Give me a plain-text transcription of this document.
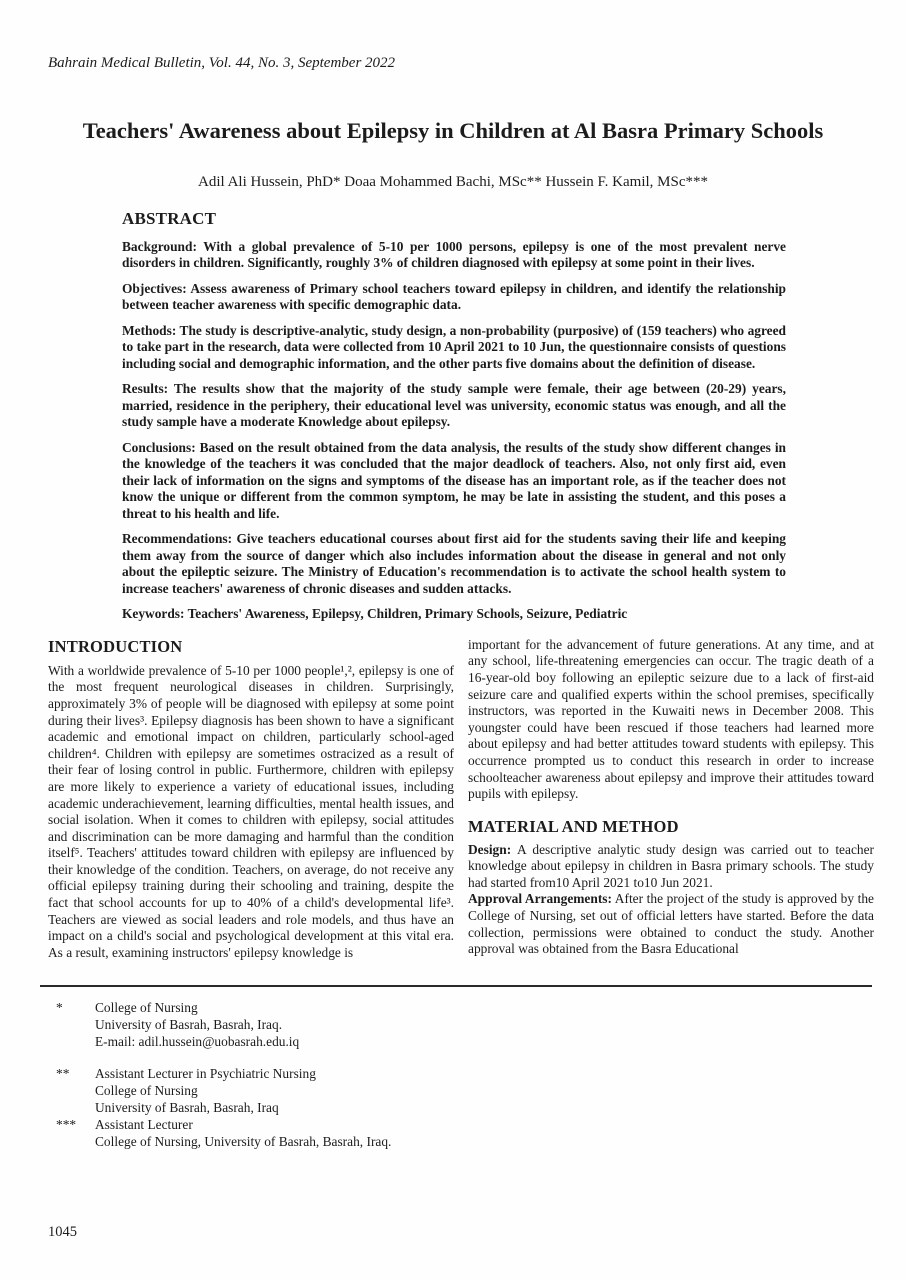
Bahrain Medical Bulletin, Vol. 44, No. 3, September 2022
Teachers' Awareness about Epilepsy in Children at Al Basra Primary Schools
Adil Ali Hussein, PhD* Doaa Mohammed Bachi, MSc** Hussein F. Kamil, MSc***
ABSTRACT

Background: With a global prevalence of 5-10 per 1000 persons, epilepsy is one of the most prevalent nerve disorders in children. Significantly, roughly 3% of children diagnosed with epilepsy at some point in their lives.

Objectives: Assess awareness of Primary school teachers toward epilepsy in children, and identify the relationship between teacher awareness with specific demographic data.

Methods: The study is descriptive-analytic, study design, a non-probability (purposive) of (159 teachers) who agreed to take part in the research, data were collected from 10 April 2021 to 10 Jun, the questionnaire consists of questions including social and demographic information, and the other parts five domains about the definition of disease.

Results: The results show that the majority of the study sample were female, their age between (20-29) years, married, residence in the periphery, their educational level was university, economic status was enough, and all the study sample have a moderate Knowledge about epilepsy.

Conclusions: Based on the result obtained from the data analysis, the results of the study show different changes in the knowledge of the teachers it was concluded that the major deadlock of teachers. Also, not only first aid, even their lack of information on the signs and symptoms of the disease has an important role, as if the teacher does not know the unique or different from the common symptom, he may be late in assisting the student, and this poses a threat to his health and life.

Recommendations: Give teachers educational courses about first aid for the students saving their life and keeping them away from the source of danger which also includes information about the disease in general and not only about the epileptic seizure. The Ministry of Education's recommendation is to activate the school health system to increase teachers' awareness of chronic diseases and sudden attacks.

Keywords: Teachers' Awareness, Epilepsy, Children, Primary Schools, Seizure, Pediatric

INTRODUCTION

With a worldwide prevalence of 5-10 per 1000 people¹,², epilepsy is one of the most frequent neurological diseases in children. Surprisingly, approximately 3% of people will be diagnosed with epilepsy at some point during their lives³. Epilepsy diagnosis has been shown to have a significant academic and emotional impact on children, particularly school-aged children⁴. Children with epilepsy are sometimes ostracized as a result of their fear of losing control in public. Furthermore, children with epilepsy are more likely to experience a variety of educational issues, including academic underachievement, learning difficulties, mental health issues, and social isolation. When it comes to children with epilepsy, social attitudes and discrimination can be more damaging and harmful than the condition itself⁵. Teachers' attitudes toward children with epilepsy are influenced by their knowledge of the condition. Teachers, on average, do not receive any official epilepsy training during their schooling and training, despite the fact that school accounts for up to 40% of a child's developmental life³. Teachers are viewed as social leaders and role models, and thus have an impact on a child's social and psychological development at this vital era. As a result, examining instructors' epilepsy knowledge is

important for the advancement of future generations. At any time, and at any school, life-threatening emergencies can occur. The tragic death of a 16-year-old boy following an epileptic seizure due to a lack of first-aid seizure care and qualified experts within the school premises, specifically instructors, was reported in the Kuwaiti news in December 2008. This youngster could have been rescued if those teachers had learned more about epilepsy and had better attitudes toward students with epilepsy. This occurrence prompted us to conduct this research in order to increase schoolteacher awareness about epilepsy and improve their attitudes toward pupils with epilepsy.

MATERIAL AND METHOD

Design: A descriptive analytic study design was carried out to teacher knowledge about epilepsy in children in Basra primary schools. The study had started from10 April 2021 to10 Jun 2021.

Approval Arrangements: After the project of the study is approved by the College of Nursing, set out of official letters have started. Before the data collection, permissions were obtained to conduct the study. Another approval was obtained from the Basra Educational

*	College of Nursing
University of Basrah, Basrah, Iraq.
E-mail: adil.hussein@uobasrah.edu.iq
**	Assistant Lecturer in Psychiatric Nursing
College of Nursing
University of Basrah, Basrah, Iraq
***	Assistant Lecturer
College of Nursing, University of Basrah, Basrah, Iraq.
1045
